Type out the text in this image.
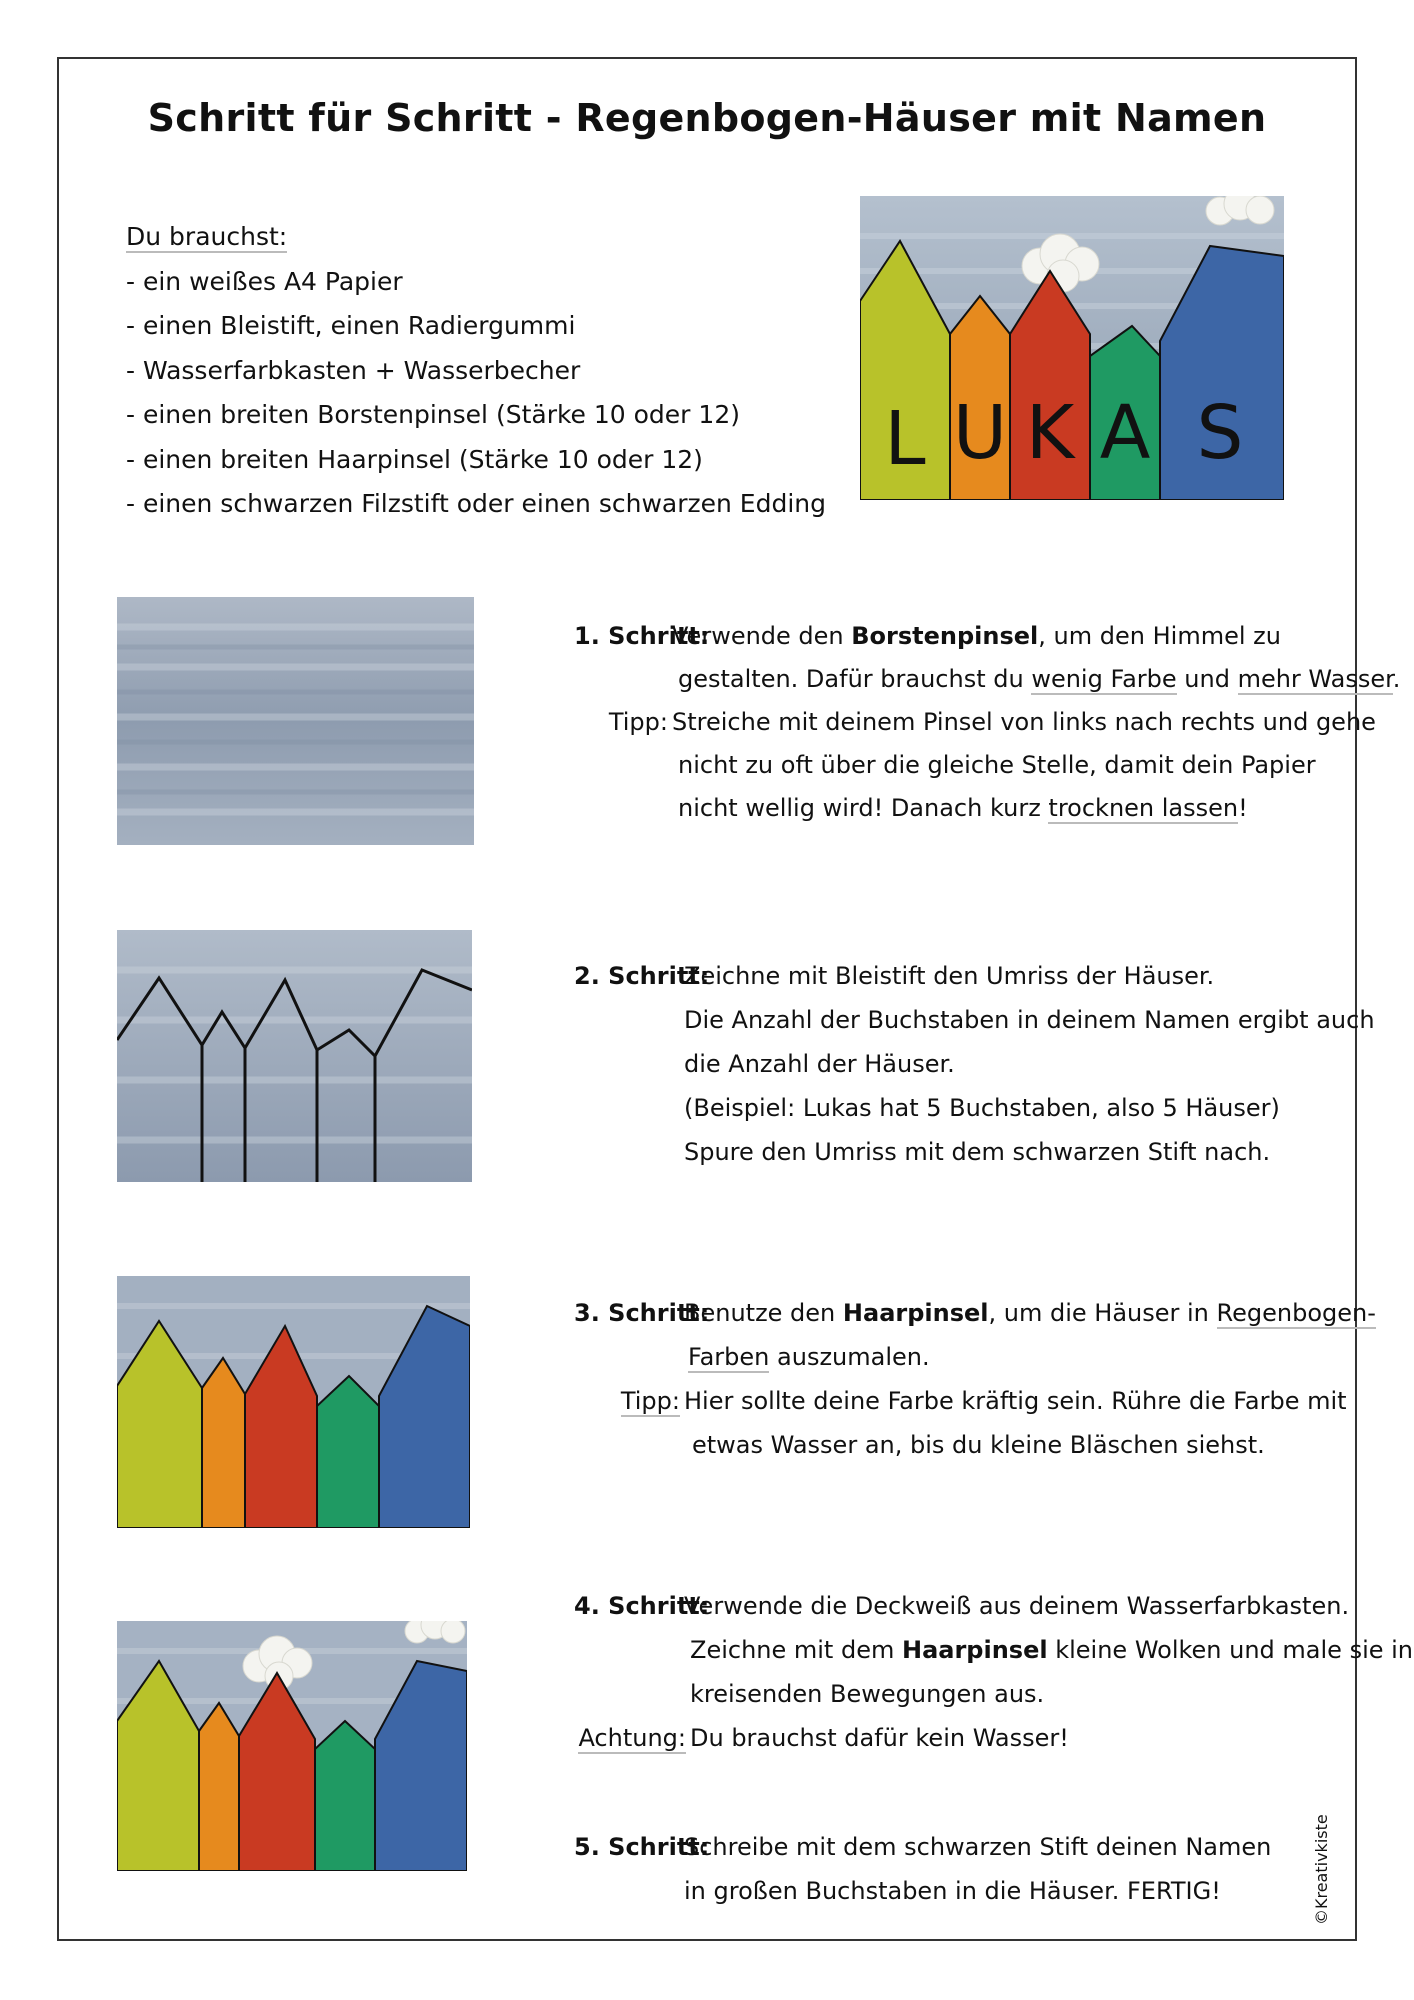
Schritt für Schritt - Regenbogen-Häuser mit Namen
Du brauchst:
- ein weißes A4 Papier
- einen Bleistift, einen Radiergummi
- Wasserfarbkasten + Wasserbecher
- einen breiten Borstenpinsel (Stärke 10 oder 12)
- einen breiten Haarpinsel (Stärke 10 oder 12)
- einen schwarzen Filzstift oder einen schwarzen Edding
L U K A S
1. Schritt:
Verwende den Borstenpinsel, um den Himmel zu
gestalten. Dafür brauchst du wenig Farbe und mehr Wasser.
Tipp: Streiche mit deinem Pinsel von links nach rechts und gehe
nicht zu oft über die gleiche Stelle, damit dein Papier
nicht wellig wird! Danach kurz trocknen lassen!
2. Schritt:
Zeichne mit Bleistift den Umriss der Häuser.
Die Anzahl der Buchstaben in deinem Namen ergibt auch
die Anzahl der Häuser.
(Beispiel: Lukas hat 5 Buchstaben, also 5 Häuser)
Spure den Umriss mit dem schwarzen Stift nach.
3. Schritt:
Benutze den Haarpinsel, um die Häuser in Regenbogen-
Farben auszumalen.
Tipp: Hier sollte deine Farbe kräftig sein. Rühre die Farbe mit
etwas Wasser an, bis du kleine Bläschen siehst.
4. Schritt:
Verwende die Deckweiß aus deinem Wasserfarbkasten.
Zeichne mit dem Haarpinsel kleine Wolken und male sie in
kreisenden Bewegungen aus.
Achtung: Du brauchst dafür kein Wasser!
5. Schritt:
Schreibe mit dem schwarzen Stift deinen Namen
in großen Buchstaben in die Häuser. FERTIG!	©Kreativkiste
